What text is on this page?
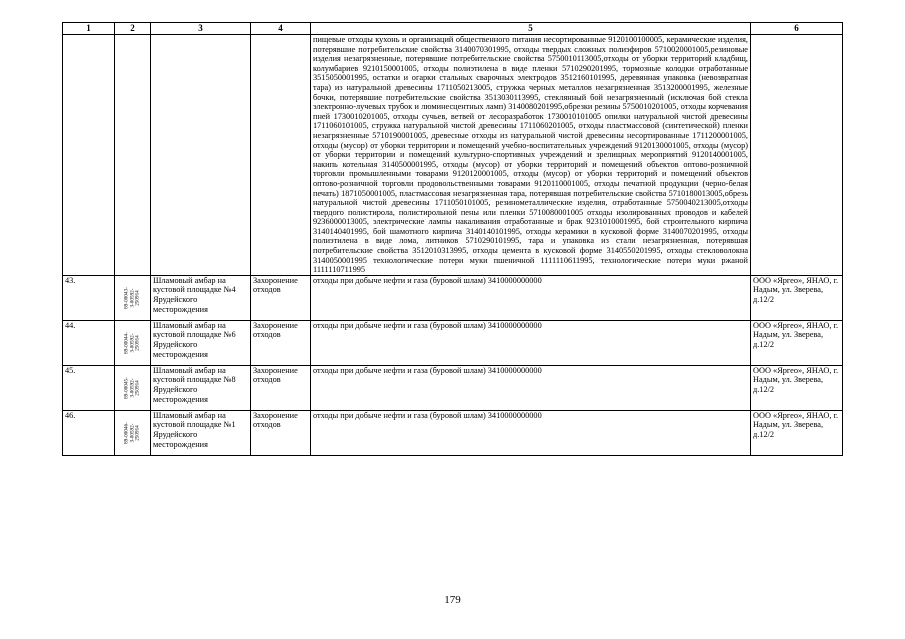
1	2	3	4	5	6
				пищевые отходы кухонь и организаций общественного питания несортированные 9120100100005, керамические изделия, потерявшие потребительские свойства 3140070301995, отходы твердых сложных полиэфиров 5710020001005,резиновые изделия незагрязненные, потерявшие потребительские свойства 5750010113005,отходы от уборки территорий кладбищ, колумбариев 9210150001005, отходы полиэтилена в виде пленки 5710290201995, тормозные колодки отработанные 3515050001995, остатки и огарки стальных сварочных электродов 3512160101995, деревянная упаковка (невозвратная тара) из натуральной древесины 1711050213005, стружка черных металлов незагрязненная 3513200001995, железные бочки, потерявшие потребительские свойства 3513030113995, стеклянный бой незагрязненный (исключая бой стекла электронно-лучевых трубок и люминесцентных ламп) 3140080201995,обрезки резины 5750010201005, отходы корчевания пней 1730010201005, отходы сучьев, ветвей от лесоразработок 1730010101005 опилки натуральной чистой древесины 1711060101005, стружка натуральной чистой древесины 1711060201005, отходы пластмассовой (синтетической) пленки незагрязненные 5710190001005, древесные отходы из натуральной чистой древесины несортированные 1711200001005, отходы (мусор) от уборки территории и помещений учебно-воспитательных учреждений 9120130001005, отходы (мусор) от уборки территории и помещений культурно-спортивных учреждений и зрелищных мероприятий 9120140001005, накипь котельная 3140500001995, отходы (мусор) от уборки территорий и помещений объектов оптово-розничной торговли промышленными товарами 9120120001005, отходы (мусор) от уборки территорий и помещений объектов оптово-розничной торговли продовольственными товарами 9120110001005, отходы печатной продукции (черно-белая печать) 1871050001005, пластмассовая незагрязненная тара, потерявшая потребительские свойства 5710180013005,обрезь натуральной чистой древесины 1711050101005, резинометаллические изделия, отработанные 5750040213005,отходы твердого полистирола, полистирольной пены или пленки 5710080001005 отходы изолированных проводов и кабелей 9236000013005, электрические лампы накаливания отработанные и брак 9231010001995, бой строительного кирпича 3140140401995, бой шамотного кирпича 3140140101995, отходы керамики в кусковой форме 3140070201995, отходы полиэтилена в виде лома, литников 5710290101995, тара и упаковка из стали незагрязненная, потерявшая потребительские свойства 3512010313995, отходы цемента в кусковой форме 3140550201995, отходы стекловолокна 3140050001995 технологические потери муки пшеничной 1111110611995, технологические потери муки ржаной 1111110711995	
43.	89-00043- З-00592- 250914	Шламовый амбар на кустовой площадке №4 Ярудейского месторождения	Захоронение отходов	отходы при добыче нефти и газа (буровой шлам) 3410000000000	ООО «Яргео», ЯНАО, г. Надым, ул. Зверева, д.12/2
44.	89-00044- З-00592- 250914	Шламовый амбар на кустовой площадке №6 Ярудейского месторождения	Захоронение отходов	отходы при добыче нефти и газа (буровой шлам) 3410000000000	ООО «Яргео», ЯНАО, г. Надым, ул. Зверева, д.12/2
45.	89-00045- З-00592- 250914	Шламовый амбар на кустовой площадке №8 Ярудейского месторождения	Захоронение отходов	отходы при добыче нефти и газа (буровой шлам) 3410000000000	ООО «Яргео», ЯНАО, г. Надым, ул. Зверева, д.12/2
46.	89-00046- З-00592- 250914	Шламовый амбар на кустовой площадке №1 Ярудейского месторождения	Захоронение отходов	отходы при добыче нефти и газа (буровой шлам) 3410000000000	ООО «Яргео», ЯНАО, г. Надым, ул. Зверева, д.12/2
179
